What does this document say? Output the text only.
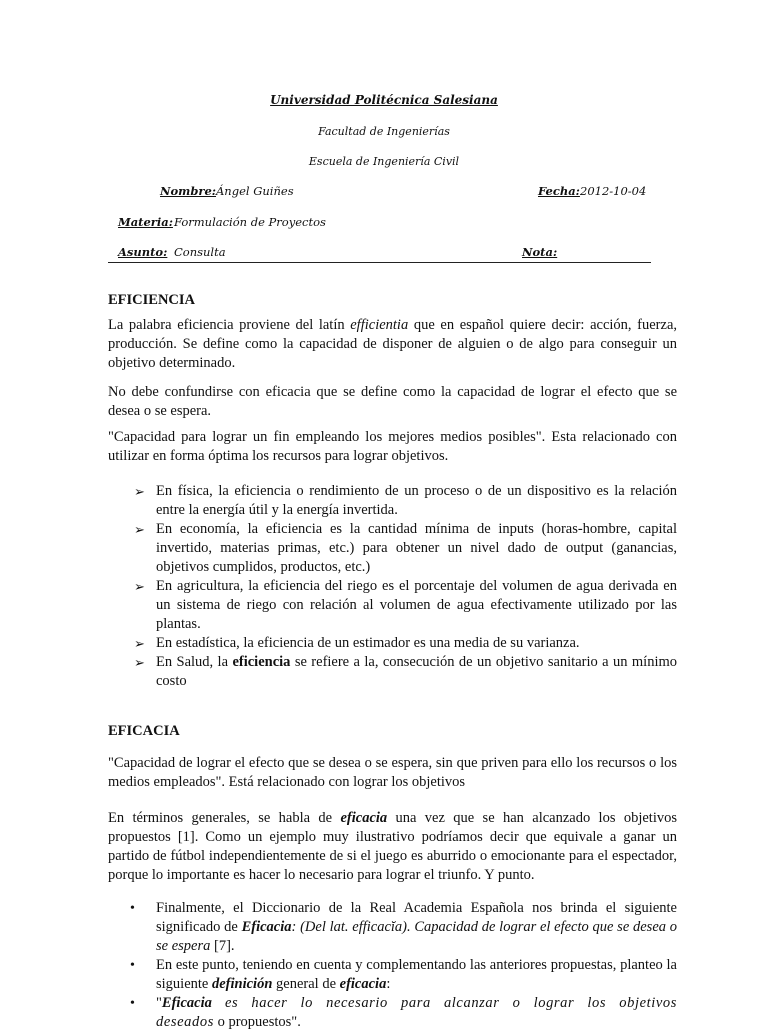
Universidad Politécnica Salesiana
Facultad de Ingenierías
Escuela de Ingeniería Civil
Nombre: Ángel Guiñes	Fecha: 2012-10-04
Materia: Formulación de Proyectos
Asunto: Consulta	Nota:
EFICIENCIA

La palabra eficiencia proviene del latín efficientia que en español quiere decir: acción, fuerza, producción. Se define como la capacidad de disponer de alguien o de algo para conseguir un objetivo determinado.

No debe confundirse con eficacia que se define como la capacidad de lograr el efecto que se desea o se espera.

"Capacidad para lograr un fin empleando los mejores medios posibles". Esta relacionado con utilizar en forma óptima los recursos para lograr objetivos.

➢ En física, la eficiencia o rendimiento de un proceso o de un dispositivo es la relación entre la energía útil y la energía invertida.
➢ En economía, la eficiencia es la cantidad mínima de inputs (horas-hombre, capital invertido, materias primas, etc.) para obtener un nivel dado de output (ganancias, objetivos cumplidos, productos, etc.)
➢ En agricultura, la eficiencia del riego es el porcentaje del volumen de agua derivada en un sistema de riego con relación al volumen de agua efectivamente utilizado por las plantas.
➢ En estadística, la eficiencia de un estimador es una media de su varianza.
➢ En Salud, la eficiencia se refiere a la, consecución de un objetivo sanitario a un mínimo costo
EFICACIA

"Capacidad de lograr el efecto que se desea o se espera, sin que priven para ello los recursos o los medios empleados". Está relacionado con lograr los objetivos

En términos generales, se habla de eficacia una vez que se han alcanzado los objetivos propuestos [1]. Como un ejemplo muy ilustrativo podríamos decir que equivale a ganar un partido de fútbol independientemente de si el juego es aburrido o emocionante para el espectador, porque lo importante es hacer lo necesario para lograr el triunfo. Y punto.

• Finalmente, el Diccionario de la Real Academia Española nos brinda el siguiente significado de Eficacia: (Del lat. efficacĭa). Capacidad de lograr el efecto que se desea o se espera [7].
• En este punto, teniendo en cuenta y complementando las anteriores propuestas, planteo la siguiente definición general de eficacia:
• "Eficacia es hacer lo necesario para alcanzar o lograr los objetivos deseados o propuestos".
